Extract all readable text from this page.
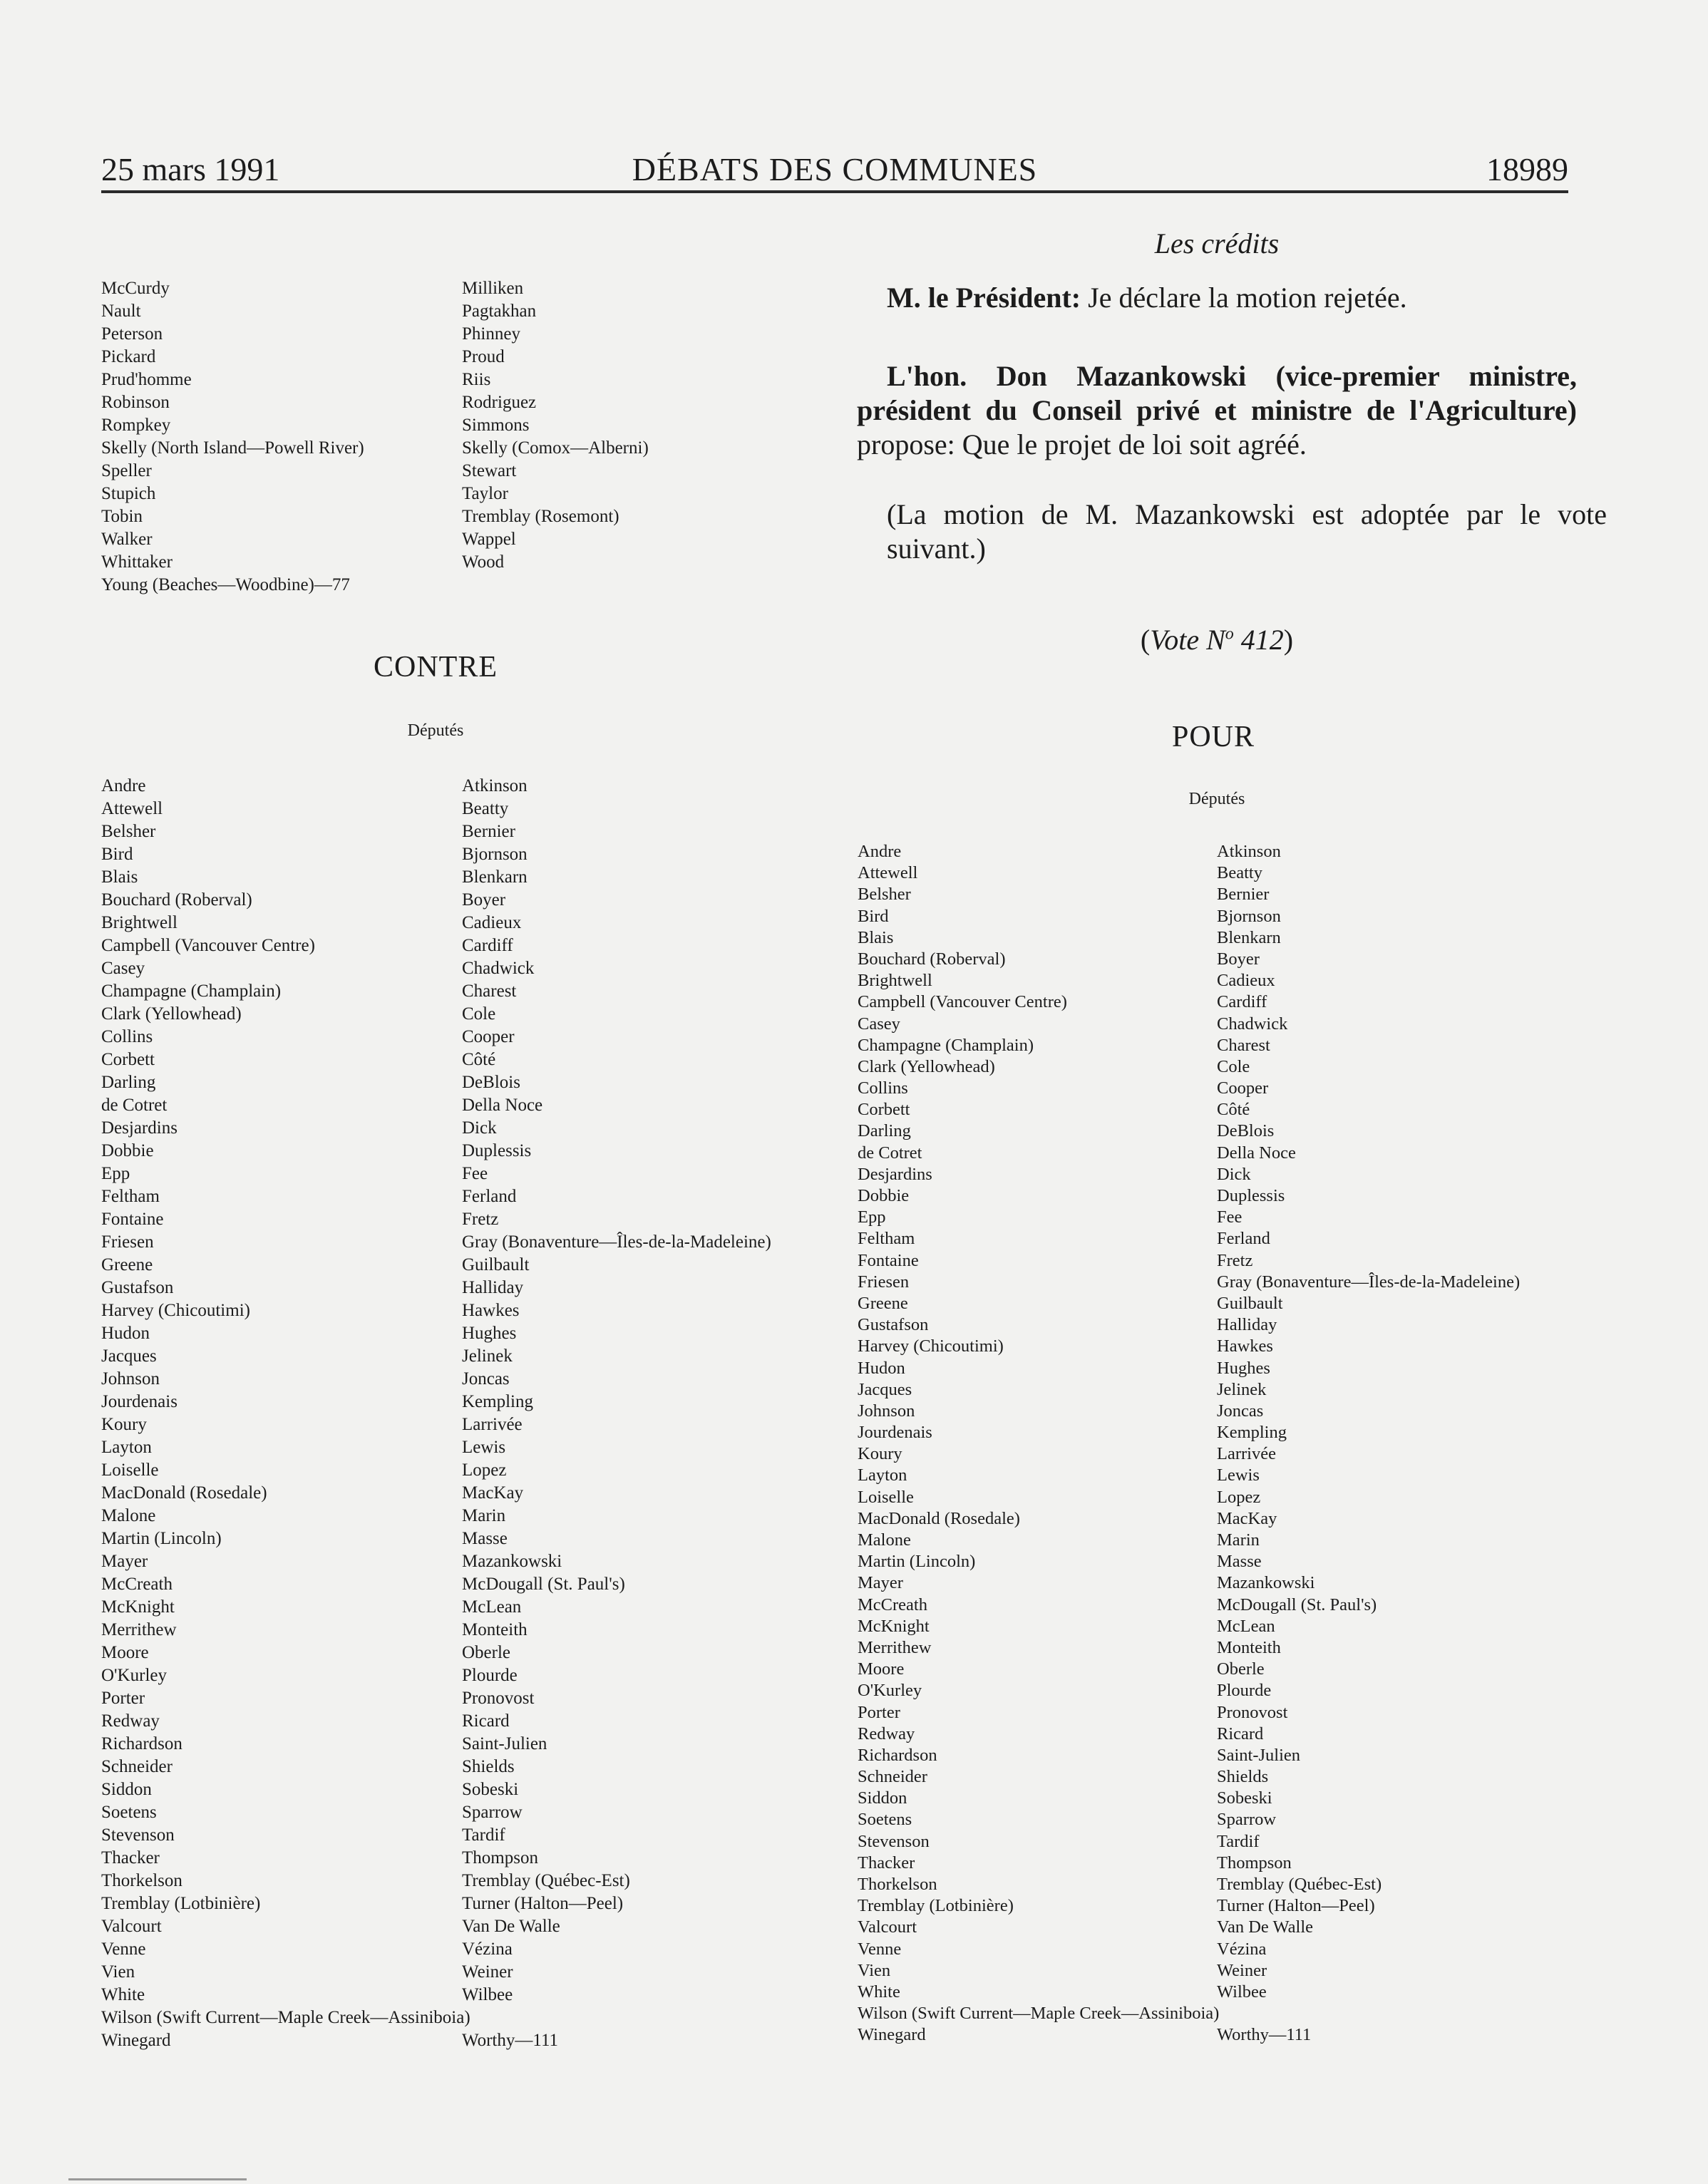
25 mars 1991	DÉBATS DES COMMUNES	18989
McCurdy
Nault
Peterson
Pickard
Prud'homme
Robinson
Rompkey
Skelly (North Island—Powell River)
Speller
Stupich
Tobin
Walker
Whittaker
Young (Beaches—Woodbine)—77
Milliken
Pagtakhan
Phinney
Proud
Riis
Rodriguez
Simmons
Skelly (Comox—Alberni)
Stewart
Taylor
Tremblay (Rosemont)
Wappel
Wood
CONTRE
Députés
Andre
Attewell
Belsher
Bird
Blais
Bouchard (Roberval)
Brightwell
Campbell (Vancouver Centre)
Casey
Champagne (Champlain)
Clark (Yellowhead)
Collins
Corbett
Darling
de Cotret
Desjardins
Dobbie
Epp
Feltham
Fontaine
Friesen
Greene
Gustafson
Harvey (Chicoutimi)
Hudon
Jacques
Johnson
Jourdenais
Koury
Layton
Loiselle
MacDonald (Rosedale)
Malone
Martin (Lincoln)
Mayer
McCreath
McKnight
Merrithew
Moore
O'Kurley
Porter
Redway
Richardson
Schneider
Siddon
Soetens
Stevenson
Thacker
Thorkelson
Tremblay (Lotbinière)
Valcourt
Venne
Vien
White
Wilson (Swift Current—Maple Creek—Assiniboia)
Winegard
Atkinson
Beatty
Bernier
Bjornson
Blenkarn
Boyer
Cadieux
Cardiff
Chadwick
Charest
Cole
Cooper
Côté
DeBlois
Della Noce
Dick
Duplessis
Fee
Ferland
Fretz
Gray (Bonaventure—Îles-de-la-Madeleine)
Guilbault
Halliday
Hawkes
Hughes
Jelinek
Joncas
Kempling
Larrivée
Lewis
Lopez
MacKay
Marin
Masse
Mazankowski
McDougall (St. Paul's)
McLean
Monteith
Oberle
Plourde
Pronovost
Ricard
Saint-Julien
Shields
Sobeski
Sparrow
Tardif
Thompson
Tremblay (Québec-Est)
Turner (Halton—Peel)
Van De Walle
Vézina
Weiner
Wilbee
Worthy—111
Les crédits
M. le Président: Je déclare la motion rejetée.
L'hon. Don Mazankowski (vice-premier ministre, président du Conseil privé et ministre de l'Agriculture) propose: Que le projet de loi soit agréé.
(La motion de M. Mazankowski est adoptée par le vote suivant.)
(Vote $N^o$ 412)
POUR
Députés
Andre
Attewell
Belsher
Bird
Blais
Bouchard (Roberval)
Brightwell
Campbell (Vancouver Centre)
Casey
Champagne (Champlain)
Clark (Yellowhead)
Collins
Corbett
Darling
de Cotret
Desjardins
Dobbie
Epp
Feltham
Fontaine
Friesen
Greene
Gustafson
Harvey (Chicoutimi)
Hudon
Jacques
Johnson
Jourdenais
Koury
Layton
Loiselle
MacDonald (Rosedale)
Malone
Martin (Lincoln)
Mayer
McCreath
McKnight
Merrithew
Moore
O'Kurley
Porter
Redway
Richardson
Schneider
Siddon
Soetens
Stevenson
Thacker
Thorkelson
Tremblay (Lotbinière)
Valcourt
Venne
Vien
White
Wilson (Swift Current—Maple Creek—Assiniboia)
Winegard
Atkinson
Beatty
Bernier
Bjornson
Blenkarn
Boyer
Cadieux
Cardiff
Chadwick
Charest
Cole
Cooper
Côté
DeBlois
Della Noce
Dick
Duplessis
Fee
Ferland
Fretz
Gray (Bonaventure—Îles-de-la-Madeleine)
Guilbault
Halliday
Hawkes
Hughes
Jelinek
Joncas
Kempling
Larrivée
Lewis
Lopez
MacKay
Marin
Masse
Mazankowski
McDougall (St. Paul's)
McLean
Monteith
Oberle
Plourde
Pronovost
Ricard
Saint-Julien
Shields
Sobeski
Sparrow
Tardif
Thompson
Tremblay (Québec-Est)
Turner (Halton—Peel)
Van De Walle
Vézina
Weiner
Wilbee
Worthy—111
